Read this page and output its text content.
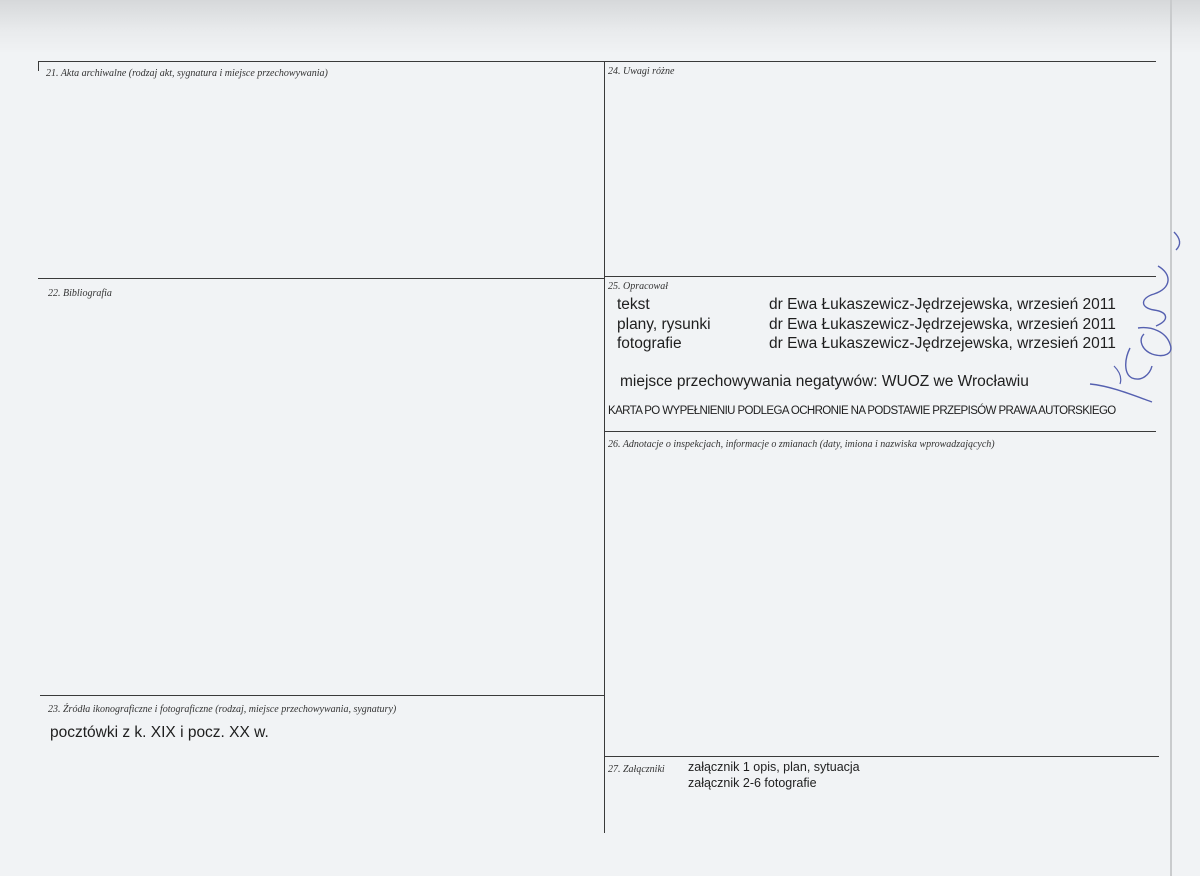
21. Akta archiwalne (rodzaj akt, sygnatura i miejsce przechowywania)	24. Uwagi różne
22. Bibliografia
25. Opracował
tekst	dr Ewa Łukaszewicz-Jędrzejewska, wrzesień 2011
plany, rysunki	dr Ewa Łukaszewicz-Jędrzejewska, wrzesień 2011
fotografie	dr Ewa Łukaszewicz-Jędrzejewska, wrzesień 2011
miejsce przechowywania negatywów: WUOZ we Wrocławiu
KARTA PO WYPEŁNIENIU PODLEGA OCHRONIE NA PODSTAWIE PRZEPISÓW PRAWA AUTORSKIEGO
26. Adnotacje o inspekcjach, informacje o zmianach (daty, imiona i nazwiska wprowadzających)
23. Źródła ikonograficzne i fotograficzne (rodzaj, miejsce przechowywania, sygnatury)
pocztówki z k. XIX i pocz. XX w.
27. Załączniki załącznik 1 opis, plan, sytuacja
załącznik 2-6 fotografie
